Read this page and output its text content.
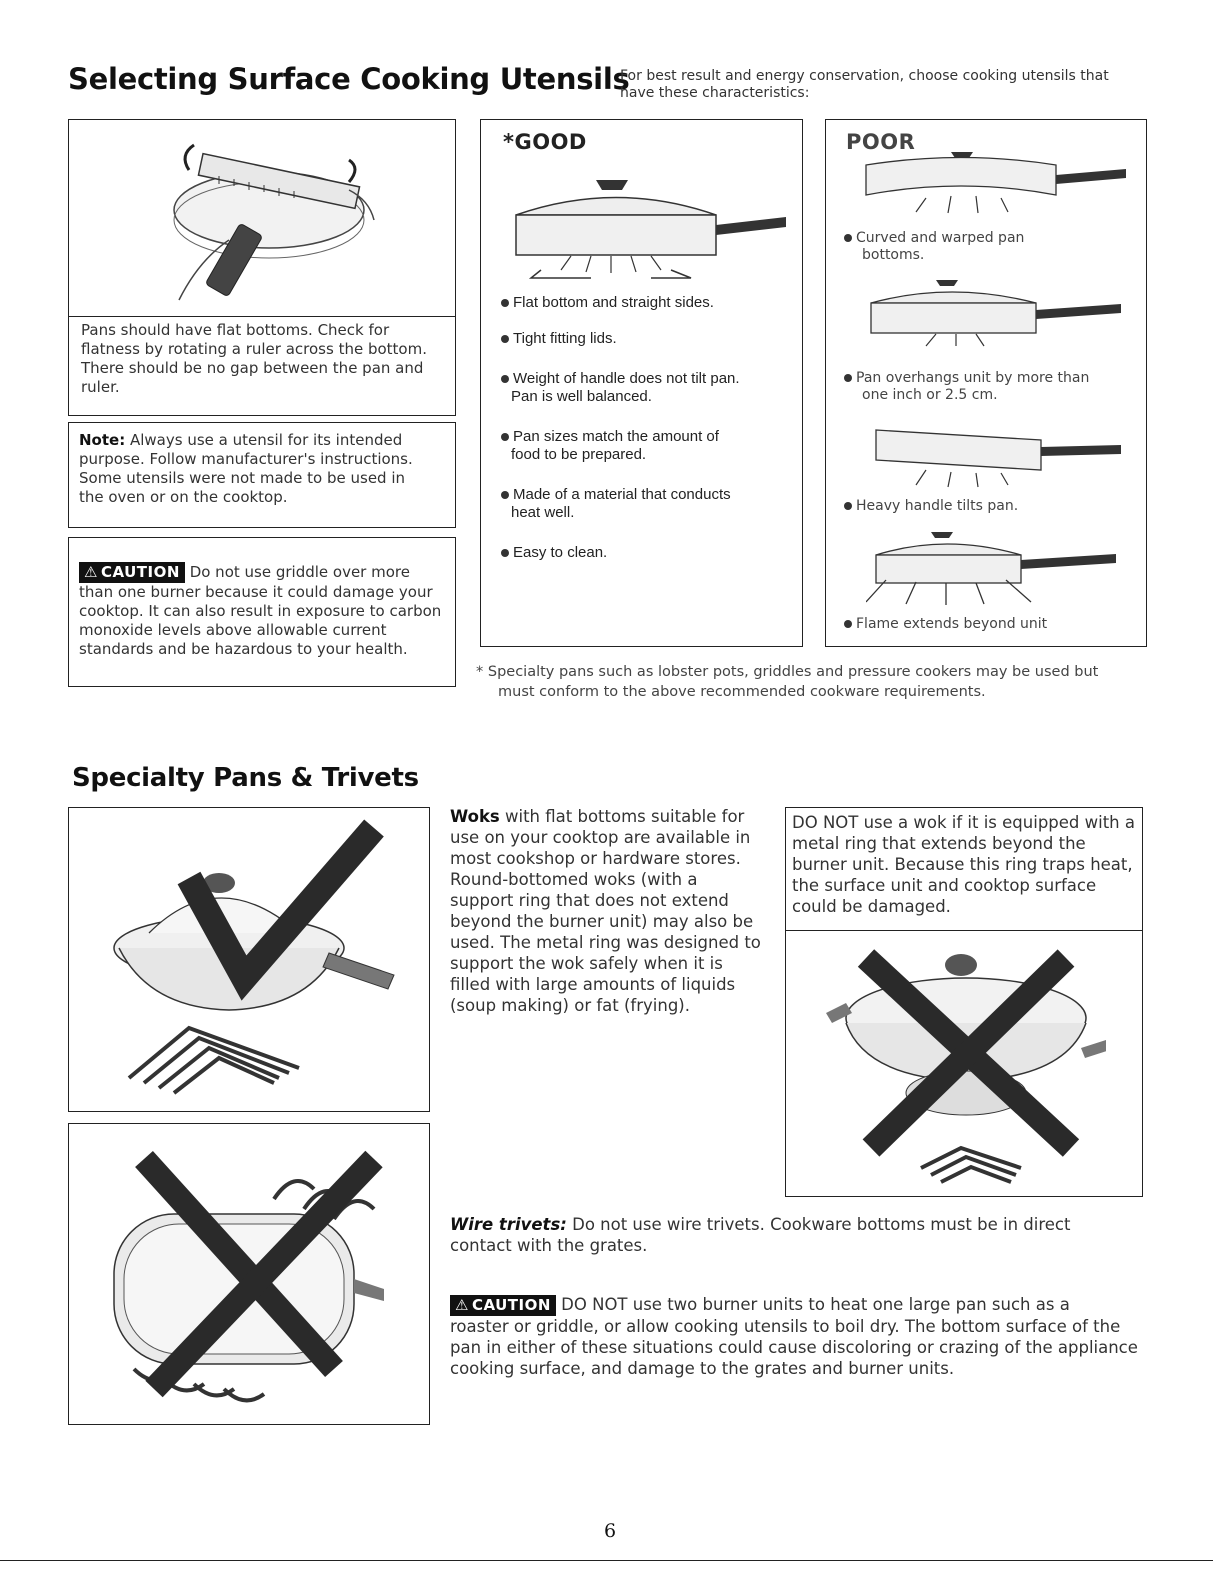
Selecting Surface Cooking Utensils
For best result and energy conservation, choose cooking utensils that
have these characteristics:
Pans should have flat bottoms. Check for
flatness by rotating a ruler across the bottom.
There should be no gap between the pan and
ruler.
Note: Always use a utensil for its intended
purpose. Follow manufacturer's instructions.
Some utensils were not made to be used in
the oven or on the cooktop.
⚠ CAUTION Do not use griddle over more
than one burner because it could damage your
cooktop. It can also result in exposure to carbon
monoxide levels above allowable current
standards and be hazardous to your health.
*GOOD
Flat bottom and straight sides.
Tight fitting lids.
Weight of handle does not tilt pan.
Pan is well balanced.
Pan sizes match the amount of
food to be prepared.
Made of a material that conducts
heat well.
Easy to clean.
POOR
Curved and warped pan
bottoms.
Pan overhangs unit by more than
one inch or 2.5 cm.
Heavy handle tilts pan.
Flame extends beyond unit
* Specialty pans such as lobster pots, griddles and pressure cookers may be used but
must conform to the above recommended cookware requirements.
Specialty Pans & Trivets
Woks with flat bottoms suitable for
use on your cooktop are available in
most cookshop or hardware stores.
Round-bottomed woks (with a
support ring that does not extend
beyond the burner unit) may also be
used. The metal ring was designed to
support the wok safely when it is
filled with large amounts of liquids
(soup making) or fat (frying).
DO NOT use a wok if it is equipped with a
metal ring that extends beyond the
burner unit. Because this ring traps heat,
the surface unit and cooktop surface
could be damaged.
Wire trivets: Do not use wire trivets. Cookware bottoms must be in direct
contact with the grates.
⚠ CAUTION DO NOT use two burner units to heat one large pan such as a
roaster or griddle, or allow cooking utensils to boil dry. The bottom surface of the
pan in either of these situations could cause discoloring or crazing of the appliance
cooking surface, and damage to the grates and burner units.
6
